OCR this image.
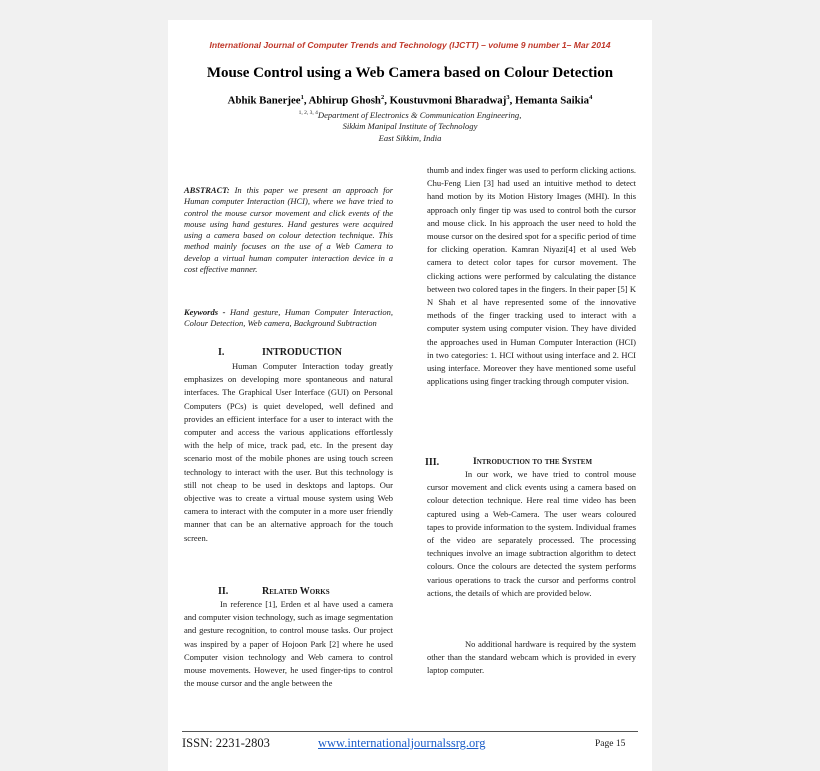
International Journal of Computer Trends and Technology (IJCTT) – volume 9 number 1– Mar 2014
Mouse Control using a Web Camera based on Colour Detection
Abhik Banerjee$^1$, Abhirup Ghosh$^2$, Koustuvmoni Bharadwaj$^3$, Hemanta Saikia$^4$
$^{1, 2, 3, 4}$Department of Electronics & Communication Engineering,
Sikkim Manipal Institute of Technology
East Sikkim, India
ABSTRACT: In this paper we present an approach for Human computer Interaction (HCI), where we have tried to control the mouse cursor movement and click events of the mouse using hand gestures. Hand gestures were acquired using a camera based on colour detection technique. This method mainly focuses on the use of a Web Camera to develop a virtual human computer interaction device in a cost effective manner.
Keywords - Hand gesture, Human Computer Interaction, Colour Detection, Web camera, Background Subtraction
I.	INTRODUCTION

Human Computer Interaction today greatly emphasizes on developing more spontaneous and natural interfaces. The Graphical User Interface (GUI) on Personal Computers (PCs) is quiet developed, well defined and provides an efficient interface for a user to interact with the computer and access the various applications effortlessly with the help of mice, track pad, etc. In the present day scenario most of the mobile phones are using touch screen technology to interact with the user. But this technology is still not cheap to be used in desktops and laptops. Our objective was to create a virtual mouse system using Web camera to interact with the computer in a more user friendly manner that can be an alternative approach for the touch screen.

II.	Related Works

In reference [1], Erden et al have used a camera and computer vision technology, such as image segmentation and gesture recognition, to control mouse tasks. Our project was inspired by a paper of Hojoon Park [2] where he used Computer vision technology and Web camera to control mouse movements. However, he used finger-tips to control the mouse cursor and the angle between the

thumb and index finger was used to perform clicking actions. Chu-Feng Lien [3] had used an intuitive method to detect hand motion by its Motion History Images (MHI). In this approach only finger tip was used to control both the cursor and mouse click. In his approach the user need to hold the mouse cursor on the desired spot for a specific period of time for clicking operation. Kamran Niyazi[4] et al used Web camera to detect color tapes for cursor movement. The clicking actions were performed by calculating the distance between two colored tapes in the fingers. In their paper [5] K N Shah et al have represented some of the innovative methods of the finger tracking used to interact with a computer system using computer vision. They have divided the approaches used in Human Computer Interaction (HCI) in two categories: 1. HCI without using interface and 2. HCI using interface. Moreover they have mentioned some useful applications using finger tracking through computer vision.

III.	Introduction to the System

In our work, we have tried to control mouse cursor movement and click events using a camera based on colour detection technique. Here real time video has been captured using a Web-Camera. The user wears coloured tapes to provide information to the system. Individual frames of the video are separately processed. The processing techniques involve an image subtraction algorithm to detect colours. Once the colours are detected the system performs various operations to track the cursor and performs control actions, the details of which are provided below.

No additional hardware is required by the system other than the standard webcam which is provided in every laptop computer.

ISSN: 2231-2803	www.internationaljournalssrg.org	Page 15
